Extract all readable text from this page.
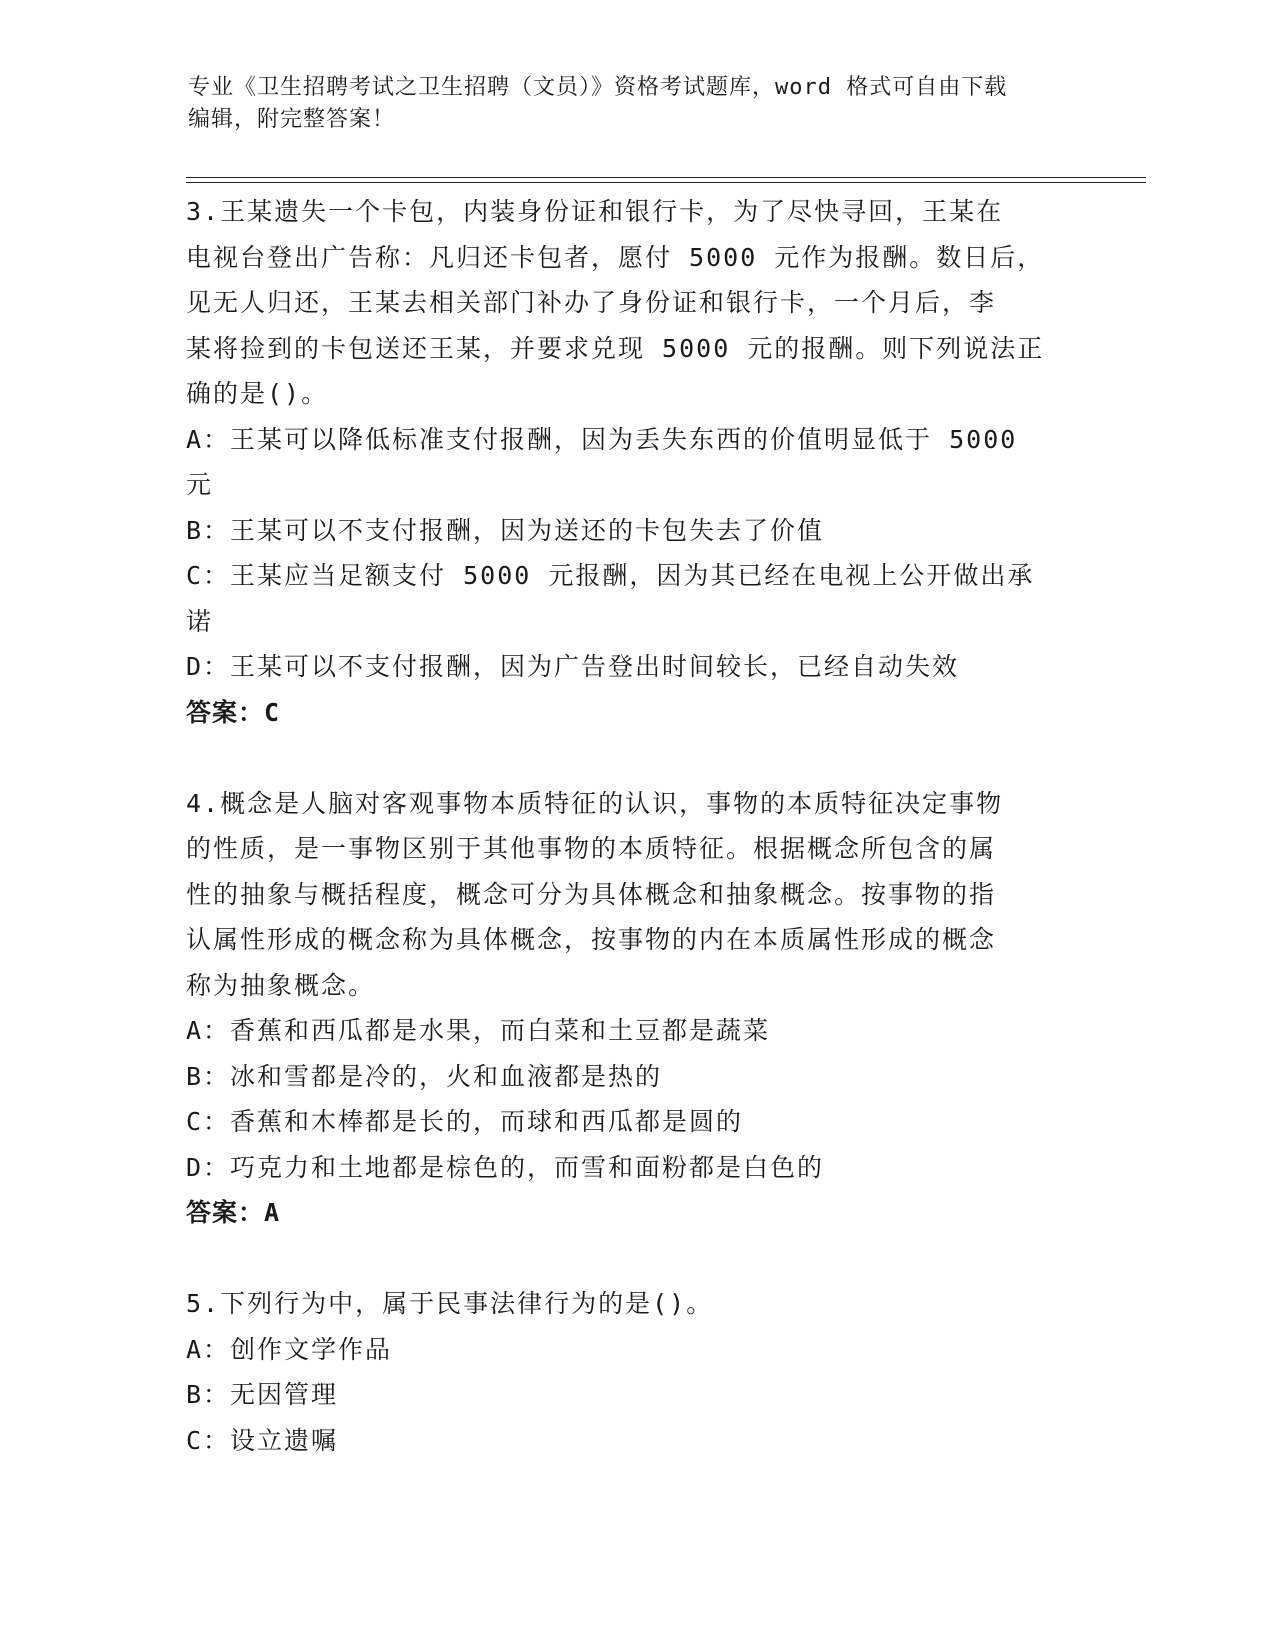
专业《卫生招聘考试之卫生招聘（文员）》资格考试题库，word 格式可自由下载
编辑，附完整答案！
3.王某遗失一个卡包，内装身份证和银行卡，为了尽快寻回，王某在
电视台登出广告称：凡归还卡包者，愿付 5000 元作为报酬。数日后，
见无人归还，王某去相关部门补办了身份证和银行卡，一个月后，李
某将捡到的卡包送还王某，并要求兑现 5000 元的报酬。则下列说法正
确的是()。
A：王某可以降低标准支付报酬，因为丢失东西的价值明显低于 5000
元
B：王某可以不支付报酬，因为送还的卡包失去了价值
C：王某应当足额支付 5000 元报酬，因为其已经在电视上公开做出承
诺
D：王某可以不支付报酬，因为广告登出时间较长，已经自动失效
答案：C
4.概念是人脑对客观事物本质特征的认识，事物的本质特征决定事物
的性质，是一事物区别于其他事物的本质特征。根据概念所包含的属
性的抽象与概括程度，概念可分为具体概念和抽象概念。按事物的指
认属性形成的概念称为具体概念，按事物的内在本质属性形成的概念
称为抽象概念。
A：香蕉和西瓜都是水果，而白菜和土豆都是蔬菜
B：冰和雪都是冷的，火和血液都是热的
C：香蕉和木棒都是长的，而球和西瓜都是圆的
D：巧克力和土地都是棕色的，而雪和面粉都是白色的
答案：A
5.下列行为中，属于民事法律行为的是()。
A：创作文学作品
B：无因管理
C：设立遗嘱
